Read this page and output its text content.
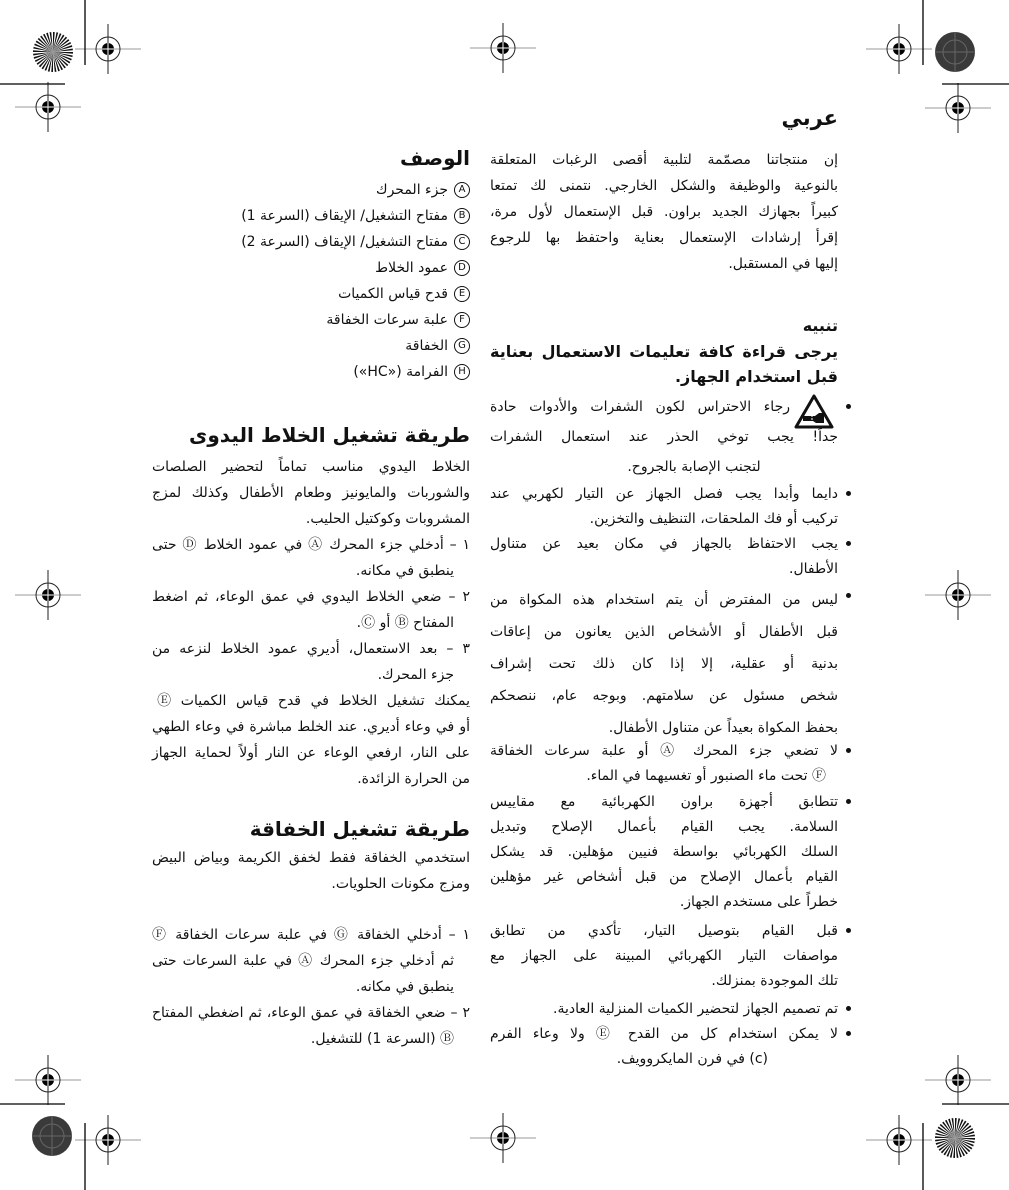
عربي
إن منتجاتنا مصمّمة لتلبية أقصى الرغبات المتعلقة
بالنوعية والوظيفة والشكل الخارجي. نتمنى لك تمتعا
كبيراً بجهازك الجديد براون. قبل الإستعمال لأول مرة،
إقرأ إرشادات الإستعمال بعناية واحتفظ بها للرجوع
إليها في المستقبل.
تنبيه
يرجى قراءة كافة تعليمات الاستعمال بعناية
قبل استخدام الجهاز.
رجاء الاحتراس لكون الشفرات والأدوات حادة
جداً! يجب توخي الحذر عند استعمال الشفرات
لتجنب الإصابة بالجروح.
دايما وأبدا يجب فصل الجهاز عن التيار لكهربي عند
تركيب أو فك الملحقات، التنظيف والتخزين.
يجب الاحتفاظ بالجهاز في مكان بعيد عن متناول
الأطفال.
ليس من المفترض أن يتم استخدام هذه المكواة من
قبل الأطفال أو الأشخاص الذين يعانون من إعاقات
بدنية أو عقلية، إلا إذا كان ذلك تحت إشراف
شخص مسئول عن سلامتهم. وبوجه عام، ننصحكم
بحفظ المكواة بعيداً عن متناول الأطفال.
لا تضعي جزء المحرك Ⓐ أو علبة سرعات الخفاقة
Ⓕ تحت ماء الصنبور أو تغسيهما في الماء.
تتطابق أجهزة براون الكهربائية مع مقاييس
السلامة. يجب القيام بأعمال الإصلاح وتبديل
السلك الكهربائي بواسطة فنيين مؤهلين. قد يشكل
القيام بأعمال الإصلاح من قبل أشخاص غير مؤهلين
خطراً على مستخدم الجهاز.
قبل القيام بتوصيل التيار، تأكدي من تطابق
مواصفات التيار الكهربائي المبينة على الجهاز مع
تلك الموجودة بمنزلك.
تم تصميم الجهاز لتحضير الكميات المنزلية العادية.
لا يمكن استخدام كل من القدح Ⓔ ولا وعاء الفرم
(c) في فرن المايكروويف.
الوصف
A
جزء المحرك
B
مفتاح التشغيل/ الإيقاف (السرعة 1)
C
مفتاح التشغيل/ الإيقاف (السرعة 2)
D
عمود الخلاط
E
قدح قياس الكميات
F
علبة سرعات الخفاقة
G
الخفاقة
H
الفرامة («HC»)
طريقة تشغيل الخلاط اليدوى
الخلاط اليدوي مناسب تماماً لتحضير الصلصات
والشوربات والمايونيز وطعام الأطفال وكذلك لمزج
المشروبات وكوكتيل الحليب.
١ – أدخلي جزء المحرك Ⓐ في عمود الخلاط Ⓓ حتى
ينطبق في مكانه.
٢ – ضعي الخلاط اليدوي في عمق الوعاء، ثم اضغط
المفتاح Ⓑ أو Ⓒ.
٣ – بعد الاستعمال، أديري عمود الخلاط لنزعه من
جزء المحرك.
يمكنك تشغيل الخلاط في قدح قياس الكميات Ⓔ
أو في وعاء أديري. عند الخلط مباشرة في وعاء الطهي
على النار، ارفعي الوعاء عن النار أولاً لحماية الجهاز
من الحرارة الزائدة.
طريقة تشغيل الخفاقة
استخدمي الخفاقة فقط لخفق الكريمة وبياض البيض
ومزج مكونات الحلويات.
١ – أدخلي الخفاقة Ⓖ في علبة سرعات الخفاقة Ⓕ
ثم أدخلي جزء المحرك Ⓐ في علبة السرعات حتى
ينطبق في مكانه.
٢ – ضعي الخفاقة في عمق الوعاء، ثم اضغطي المفتاح
Ⓑ (السرعة 1) للتشغيل.
